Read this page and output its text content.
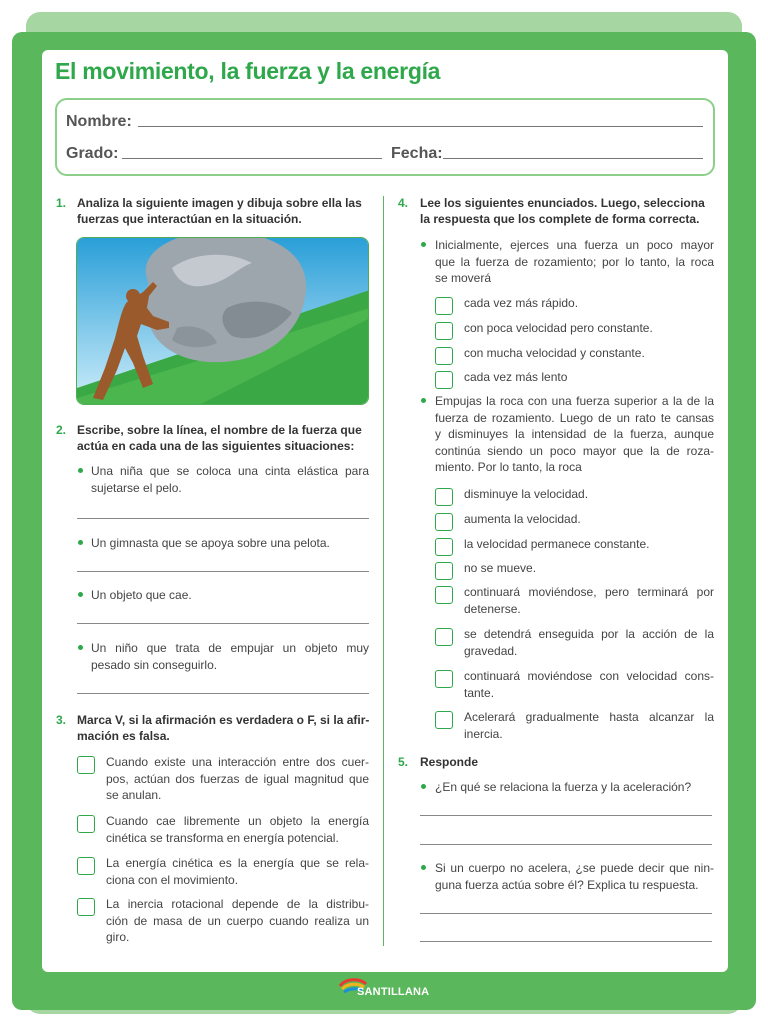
El movimiento, la fuerza y la energía
Nombre:
Grado:	Fecha:
1. Analiza la siguiente imagen y dibuja sobre ella las
fuerzas que interactúan en la situación.
2. Escribe, sobre la línea, el nombre de la fuerza que
actúa en cada una de las siguientes situaciones:
Una niña que se coloca una cinta elástica para
sujetarse el pelo.
Un gimnasta que se apoya sobre una pelota.
Un objeto que cae.
Un niño que trata de empujar un objeto muy
pesado sin conseguirlo.
3. Marca V, si la afirmación es verdadera o F, si la afir-
mación es falsa.
Cuando existe una interacción entre dos cuer-
pos, actúan dos fuerzas de igual magnitud que
se anulan.
Cuando cae libremente un objeto la energía
cinética se transforma en energía potencial.
La energía cinética es la energía que se rela-
ciona con el movimiento.
La inercia rotacional depende de la distribu-
ción de masa de un cuerpo cuando realiza un
giro.
4. Lee los siguientes enunciados. Luego, selecciona
la respuesta que los complete de forma correcta.
Inicialmente, ejerces una fuerza un poco mayor
que la fuerza de rozamiento; por lo tanto, la roca
se moverá
cada vez más rápido.
con poca velocidad pero constante.
con mucha velocidad y constante.
cada vez más lento
Empujas la roca con una fuerza superior a la de la
fuerza de rozamiento. Luego de un rato te cansas
y disminuyes la intensidad de la fuerza, aunque
continúa siendo un poco mayor que la de roza-
miento. Por lo tanto, la roca
disminuye la velocidad.
aumenta la velocidad.
la velocidad permanece constante.
no se mueve.
continuará moviéndose, pero terminará por
detenerse.
se detendrá enseguida por la acción de la
gravedad.
continuará moviéndose con velocidad cons-
tante.
Acelerará gradualmente hasta alcanzar la
inercia.
5. Responde
¿En qué se relaciona la fuerza y la aceleración?
Si un cuerpo no acelera, ¿se puede decir que nin-
guna fuerza actúa sobre él? Explica tu respuesta.
SANTILLANA
